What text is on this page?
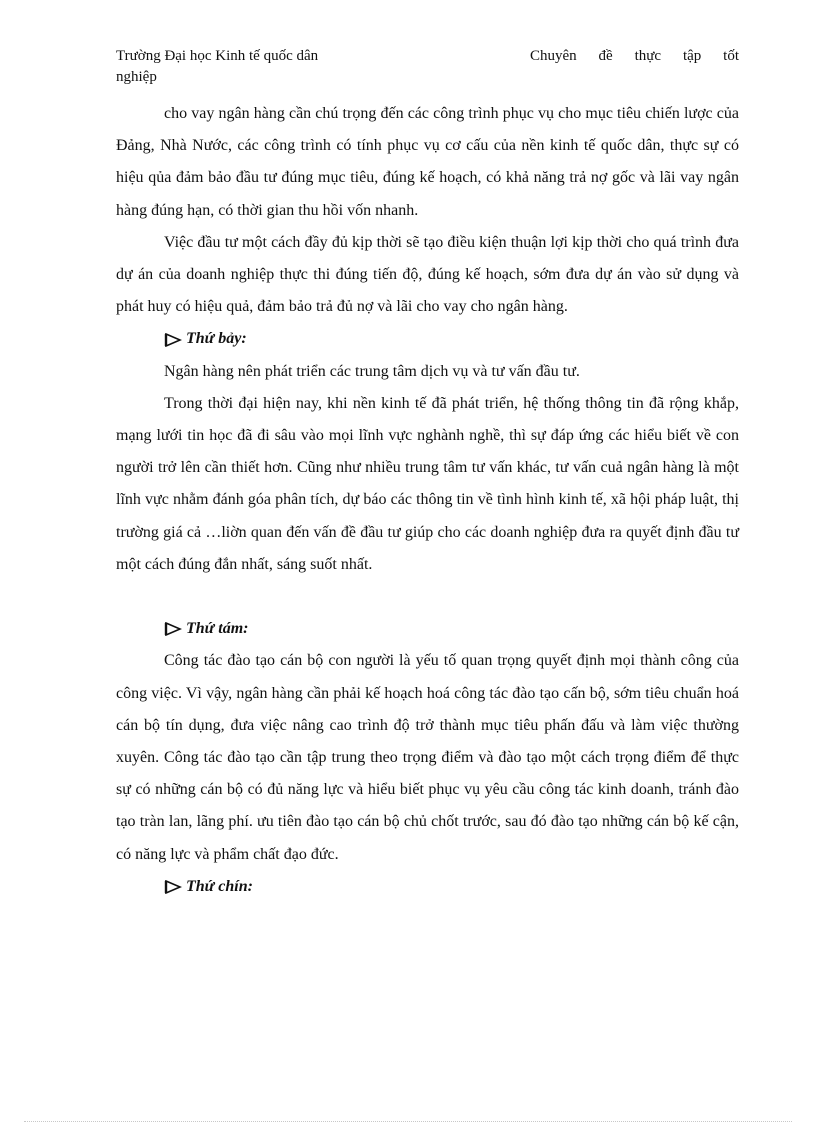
Trường Đại học Kinh tế quốc dân
nghiệp
Chuyên đề thực tập tốt

cho vay ngân hàng cần chú trọng đến các công trình phục vụ cho mục tiêu chiến lược của Đảng, Nhà Nước, các công trình có tính phục vụ cơ cấu của nền kinh tế quốc dân, thực sự có hiệu qủa đảm bảo đầu tư đúng mục tiêu, đúng kế hoạch, có khả năng trả nợ gốc và lãi vay ngân hàng đúng hạn, có thời gian thu hồi vốn nhanh.

Việc đầu tư một cách đầy đủ kịp thời sẽ tạo điều kiện thuận lợi kịp thời cho quá trình đưa dự án của doanh nghiệp thực thi đúng tiến độ, đúng kế hoạch, sớm đưa dự án vào sử dụng và phát huy có hiệu quả, đảm bảo trả đủ nợ và lãi cho vay cho ngân hàng.

Thứ bảy:

Ngân hàng nên phát triển các trung tâm dịch vụ và tư vấn đầu tư.

Trong thời đại hiện nay, khi nền kinh tế đã phát triển, hệ thống thông tin đã rộng khắp, mạng lưới tin học đã đi sâu vào mọi lĩnh vực nghành nghề, thì sự đáp ứng các hiểu biết về con người trở lên cần thiết hơn. Cũng như nhiều trung tâm tư vấn khác, tư vấn cuả ngân hàng là một lĩnh vực nhằm đánh góa phân tích, dự báo các thông tin về tình hình kinh tế, xã hội pháp luật, thị trường giá cả …liờn quan đến vấn đề đầu tư giúp cho các doanh nghiệp đưa ra quyết định đầu tư một cách đúng đắn nhất, sáng suốt nhất.

Thứ tám:

Công tác đào tạo cán bộ con người là yếu tố quan trọng quyết định mọi thành công của công việc. Vì vậy, ngân hàng cần phải kế hoạch hoá công tác đào tạo cấn bộ, sớm tiêu chuẩn hoá cán bộ tín dụng, đưa việc nâng cao trình độ trở thành mục tiêu phấn đấu và làm việc thường xuyên. Công tác đào tạo cần tập trung theo trọng điểm và đào tạo một cách trọng điểm để thực sự có những cán bộ có đủ năng lực và hiểu biết phục vụ yêu cầu công tác kinh doanh, tránh đào tạo tràn lan, lãng phí. ưu tiên đào tạo cán bộ chủ chốt trước, sau đó đào tạo những cán bộ kế cận, có năng lực và phẩm chất đạo đức.

Thứ chín:
